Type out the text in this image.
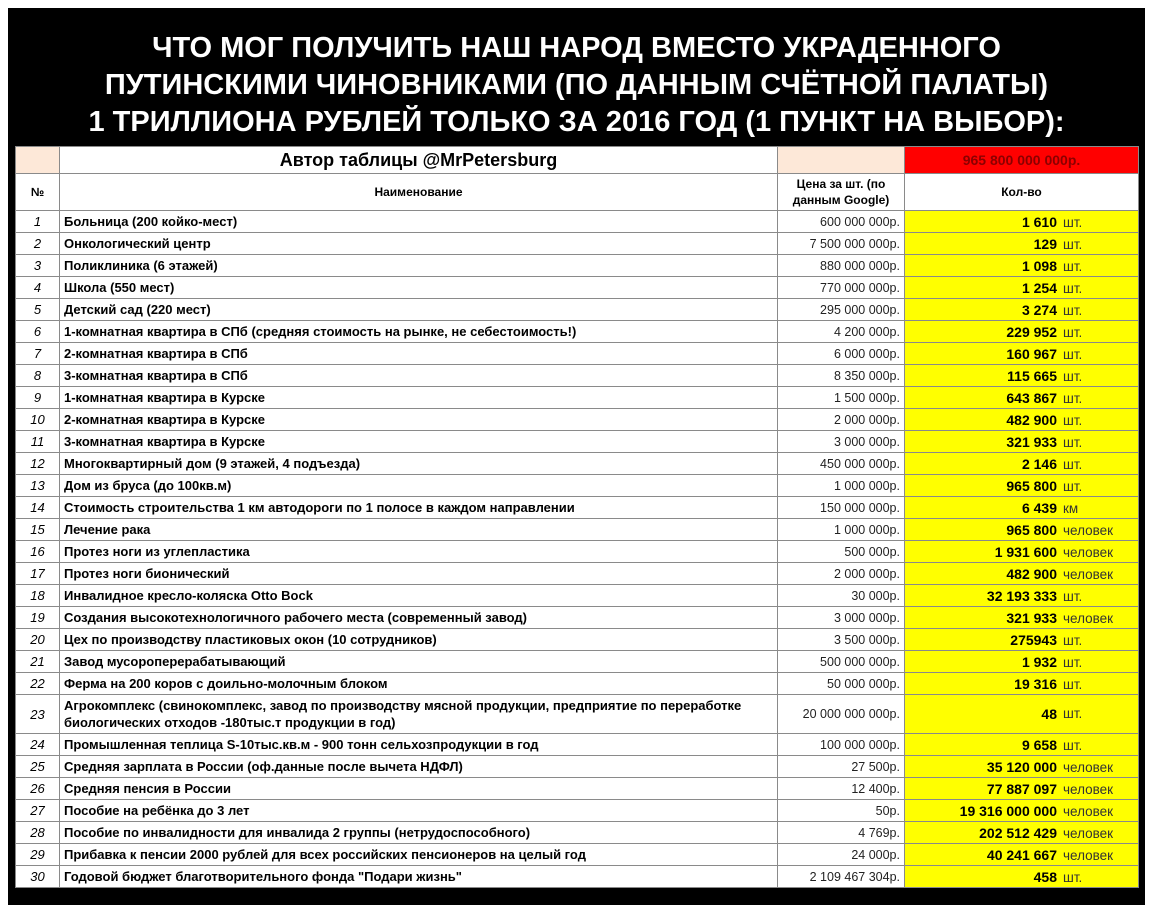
ЧТО МОГ ПОЛУЧИТЬ НАШ НАРОД ВМЕСТО УКРАДЕННОГО
ПУТИНСКИМИ ЧИНОВНИКАМИ (ПО ДАННЫМ СЧЁТНОЙ ПАЛАТЫ)
1 ТРИЛЛИОНА РУБЛЕЙ ТОЛЬКО ЗА 2016 ГОД (1 ПУНКТ НА ВЫБОР):
	Автор таблицы @MrPetersburg		965 800 000 000р.
№	Наименование	Цена за шт. (по данным Google)	Кол-во
1	Больница (200 койко-мест)	600 000 000р.	1 610 шт.
2	Онкологический центр	7 500 000 000р.	129 шт.
3	Поликлиника (6 этажей)	880 000 000р.	1 098 шт.
4	Школа (550 мест)	770 000 000р.	1 254 шт.
5	Детский сад (220 мест)	295 000 000р.	3 274 шт.
6	1-комнатная квартира в СПб (средняя стоимость на рынке, не себестоимость!)	4 200 000р.	229 952 шт.
7	2-комнатная квартира в СПб	6 000 000р.	160 967 шт.
8	3-комнатная квартира в СПб	8 350 000р.	115 665 шт.
9	1-комнатная квартира в Курске	1 500 000р.	643 867 шт.
10	2-комнатная квартира в Курске	2 000 000р.	482 900 шт.
11	3-комнатная квартира в Курске	3 000 000р.	321 933 шт.
12	Многоквартирный дом (9 этажей, 4 подъезда)	450 000 000р.	2 146 шт.
13	Дом из бруса (до 100кв.м)	1 000 000р.	965 800 шт.
14	Стоимость строительства 1 км автодороги по 1 полосе в каждом направлении	150 000 000р.	6 439 км
15	Лечение рака	1 000 000р.	965 800 человек
16	Протез ноги из углепластика	500 000р.	1 931 600 человек
17	Протез ноги бионический	2 000 000р.	482 900 человек
18	Инвалидное кресло-коляска Otto Bock	30 000р.	32 193 333 шт.
19	Создания высокотехнологичного рабочего места (современный завод)	3 000 000р.	321 933 человек
20	Цех по производству пластиковых окон (10 сотрудников)	3 500 000р.	275943 шт.
21	Завод мусороперерабатывающий	500 000 000р.	1 932 шт.
22	Ферма на 200 коров с доильно-молочным блоком	50 000 000р.	19 316 шт.
23	Агрокомплекс (свинокомплекс, завод по производству мясной продукции, предприятие по переработке биологических отходов -180тыс.т продукции в год)	20 000 000 000р.	48 шт.
24	Промышленная теплица S-10тыс.кв.м - 900 тонн сельхозпродукции в год	100 000 000р.	9 658 шт.
25	Средняя зарплата в России (оф.данные после вычета НДФЛ)	27 500р.	35 120 000 человек
26	Средняя пенсия в России	12 400р.	77 887 097 человек
27	Пособие на ребёнка до 3 лет	50р.	19 316 000 000 человек
28	Пособие по инвалидности для инвалида 2 группы (нетрудоспособного)	4 769р.	202 512 429 человек
29	Прибавка к пенсии 2000 рублей для всех российских пенсионеров на целый год	24 000р.	40 241 667 человек
30	Годовой бюджет благотворительного фонда "Подари жизнь"	2 109 467 304р.	458 шт.
